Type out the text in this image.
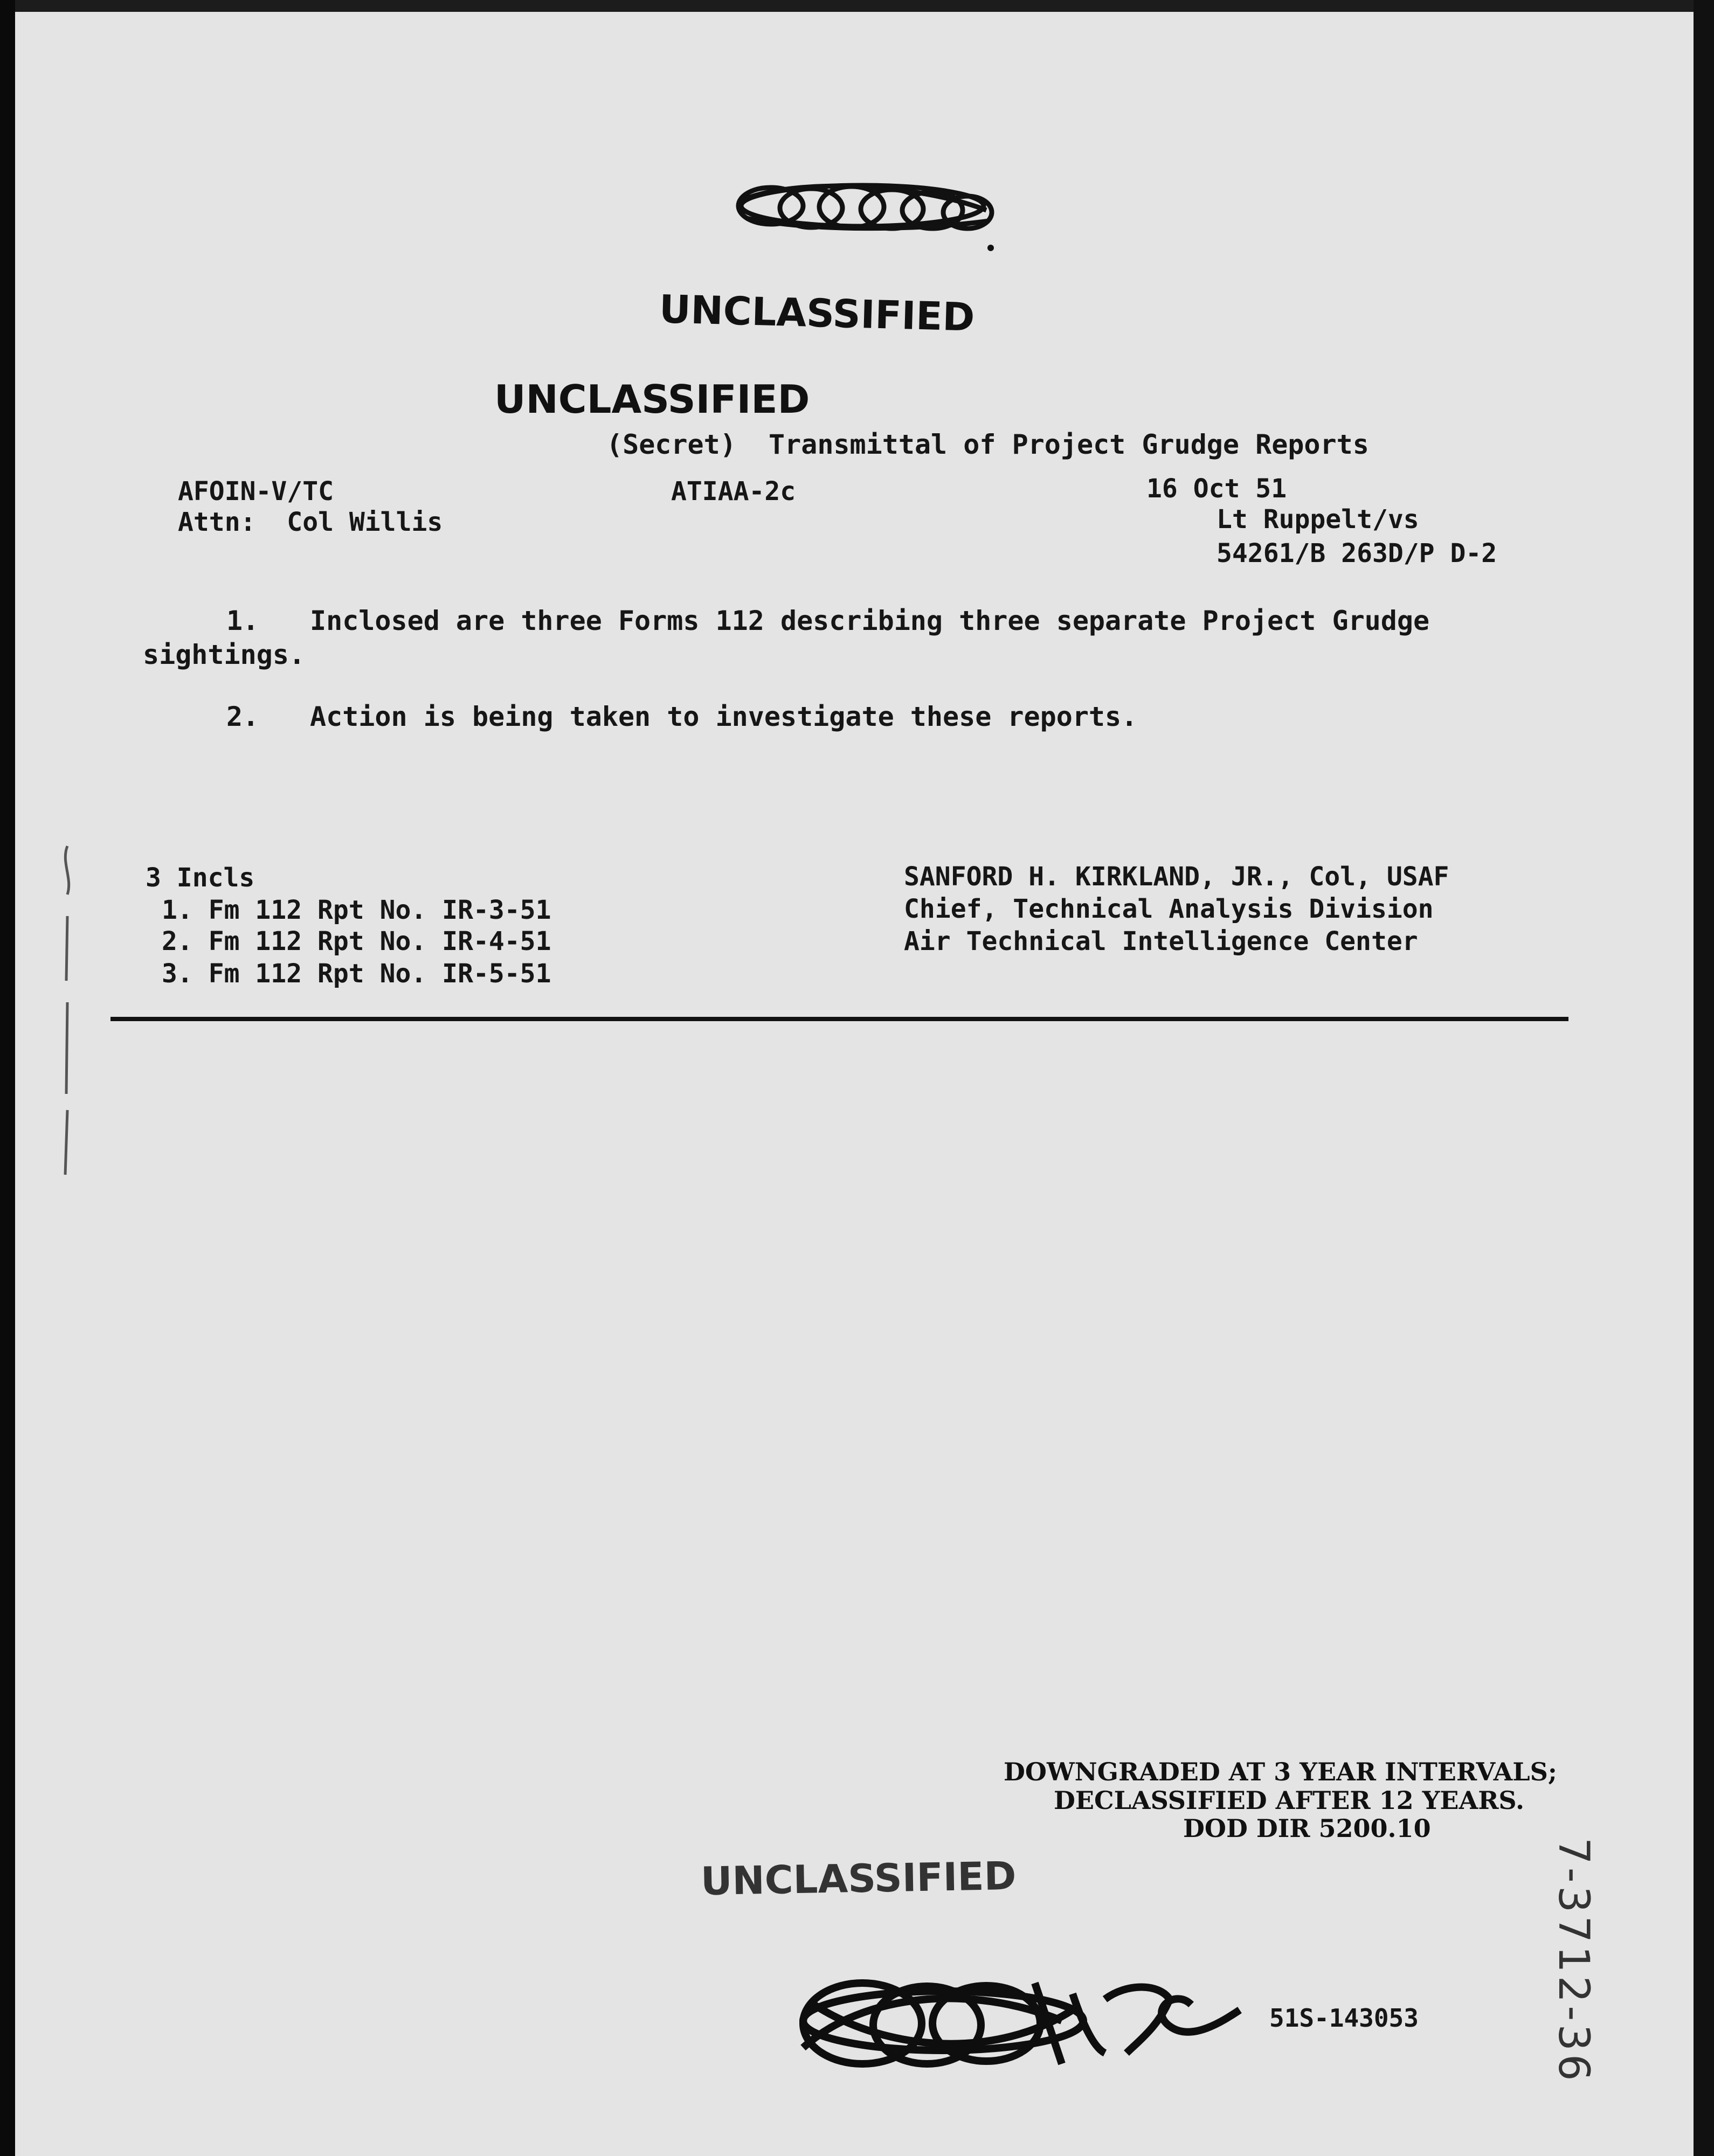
UNCLASSIFIED
UNCLASSIFIED
(Secret)  Transmittal of Project Grudge Reports
AFOIN-V/TC
Attn:  Col Willis
ATIAA-2c	16 Oct 51
Lt Ruppelt/vs
54261/B 263D/P D-2
1. Inclosed are three Forms 112 describing three separate Project Grudge
sightings.
2. Action is being taken to investigate these reports.
3 Incls
1. Fm 112 Rpt No. IR-3-51
2. Fm 112 Rpt No. IR-4-51
3. Fm 112 Rpt No. IR-5-51
SANFORD H. KIRKLAND, JR., Col, USAF
Chief, Technical Analysis Division
Air Technical Intelligence Center
DOWNGRADED AT 3 YEAR INTERVALS;
DECLASSIFIED AFTER 12 YEARS.
DOD DIR 5200.10
UNCLASSIFIED
51S-143053	7-3712-36
